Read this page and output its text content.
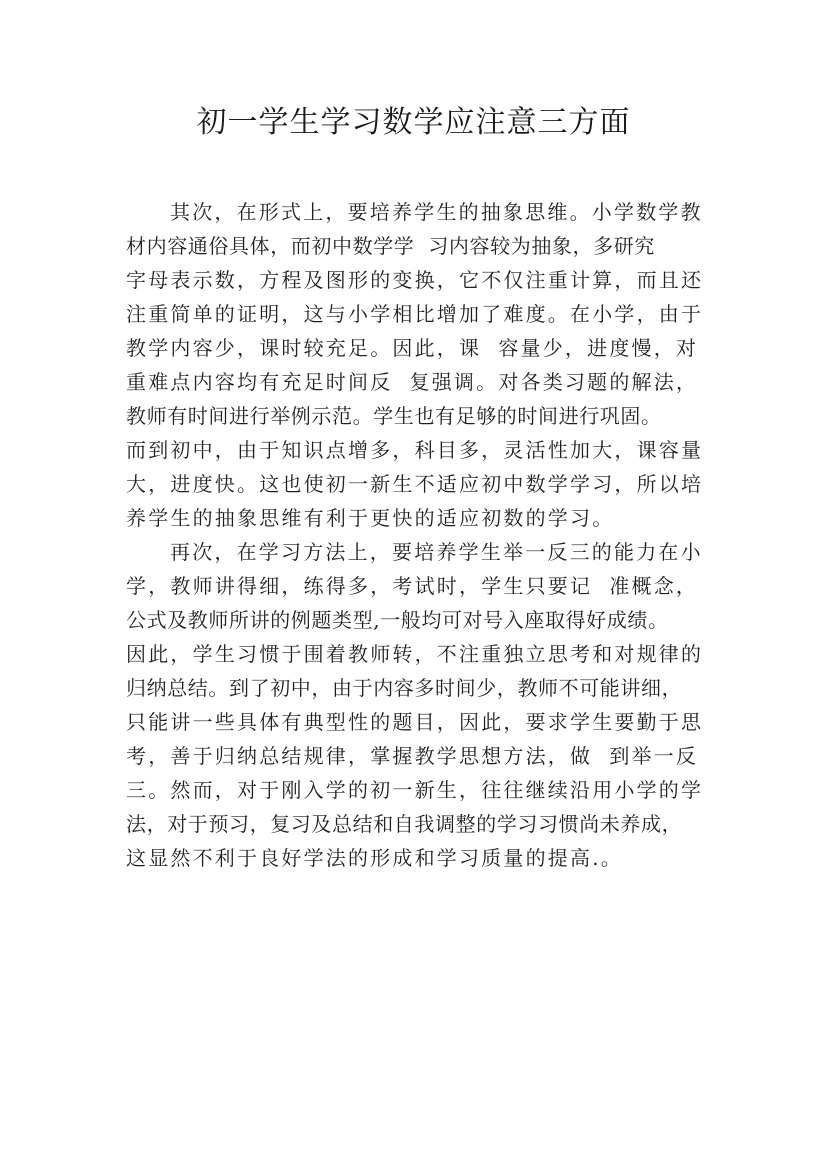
初一学生学习数学应注意三方面
其次，在形式上，要培养学生的抽象思维。小学数学教
材内容通俗具体，而初中数学学  习内容较为抽象，多研究
字母表示数，方程及图形的变换，它不仅注重计算，而且还
注重简单的证明，这与小学相比增加了难度。在小学，由于
教学内容少，课时较充足。因此，课  容量少，进度慢，对
重难点内容均有充足时间反  复强调。对各类习题的解法，
教师有时间进行举例示范。学生也有足够的时间进行巩固。
而到初中，由于知识点增多，科目多，灵活性加大，课容量
大，进度快。这也使初一新生不适应初中数学学习，所以培
养学生的抽象思维有利于更快的适应初数的学习。
再次，在学习方法上，要培养学生举一反三的能力在小
学，教师讲得细，练得多，考试时，学生只要记  准概念，
公式及教师所讲的例题类型,一般均可对号入座取得好成绩。
因此，学生习惯于围着教师转，不注重独立思考和对规律的
归纳总结。到了初中，由于内容多时间少，教师不可能讲细，
只能讲一些具体有典型性的题目，因此，要求学生要勤于思
考，善于归纳总结规律，掌握教学思想方法，做  到举一反
三。然而，对于刚入学的初一新生，往往继续沿用小学的学
法，对于预习，复习及总结和自我调整的学习习惯尚未养成，
这显然不利于良好学法的形成和学习质量的提高.。
